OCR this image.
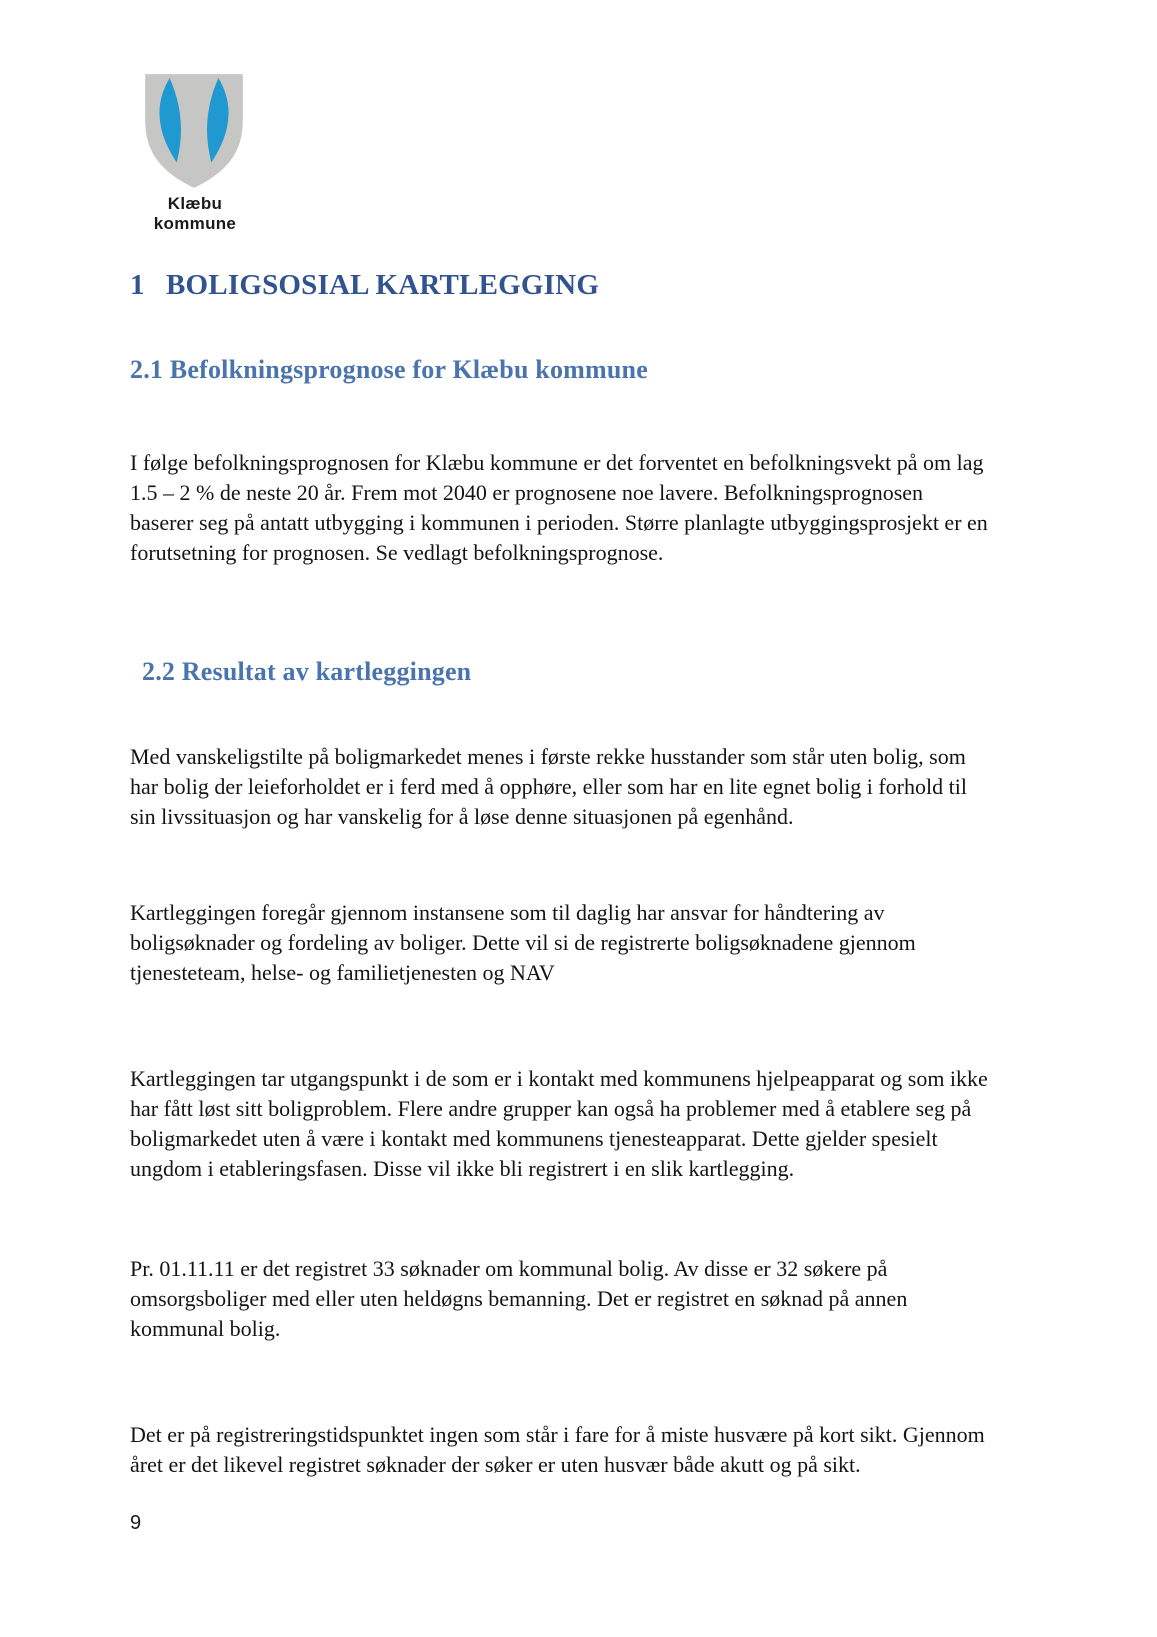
Klæbu
kommune
1 BOLIGSOSIAL KARTLEGGING
2.1 Befolkningsprognose for Klæbu kommune

I følge befolkningsprognosen for Klæbu kommune er det forventet en befolkningsvekt på om lag 1.5 – 2 % de neste 20 år. Frem mot 2040 er prognosene noe lavere. Befolkningsprognosen baserer seg på antatt utbygging i kommunen i perioden. Større planlagte utbyggingsprosjekt er en forutsetning for prognosen. Se vedlagt befolkningsprognose.

2.2 Resultat av kartleggingen

Med vanskeligstilte på boligmarkedet menes i første rekke husstander som står uten bolig, som har bolig der leieforholdet er i ferd med å opphøre, eller som har en lite egnet bolig i forhold til sin livssituasjon og har vanskelig for å løse denne situasjonen på egenhånd.

Kartleggingen foregår gjennom instansene som til daglig har ansvar for håndtering av boligsøknader og fordeling av boliger. Dette vil si de registrerte boligsøknadene gjennom tjenesteteam, helse- og familietjenesten og NAV

Kartleggingen tar utgangspunkt i de som er i kontakt med kommunens hjelpeapparat og som ikke har fått løst sitt boligproblem. Flere andre grupper kan også ha problemer med å etablere seg på boligmarkedet uten å være i kontakt med kommunens tjenesteapparat. Dette gjelder spesielt ungdom i etableringsfasen. Disse vil ikke bli registrert i en slik kartlegging.

Pr. 01.11.11 er det registret 33 søknader om kommunal bolig. Av disse er 32 søkere på omsorgsboliger med eller uten heldøgns bemanning. Det er registret en søknad på annen kommunal bolig.

Det er på registreringstidspunktet ingen som står i fare for å miste husvære på kort sikt. Gjennom året er det likevel registret søknader der søker er uten husvær både akutt og på sikt.

9
